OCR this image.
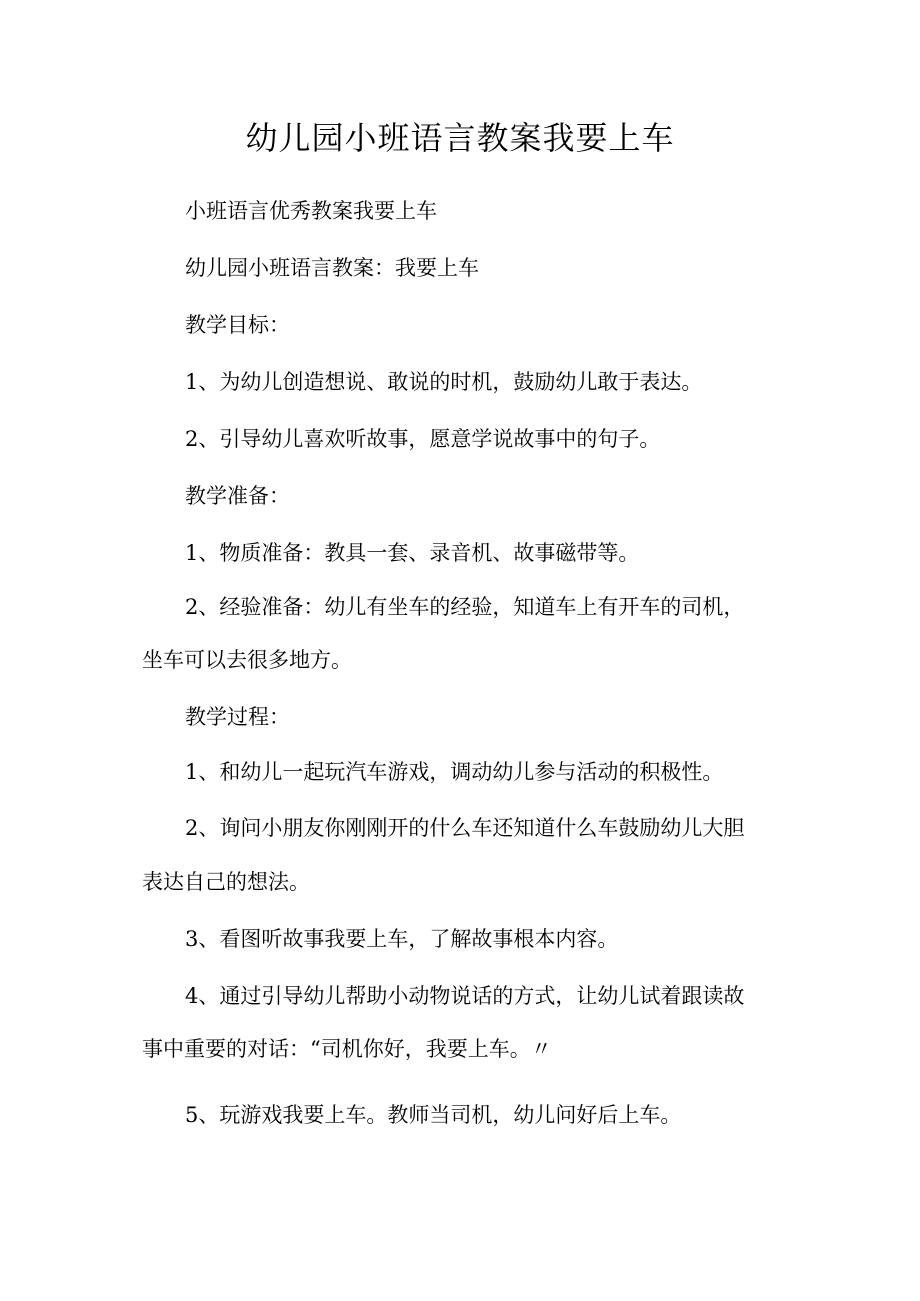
幼儿园小班语言教案我要上车

小班语言优秀教案我要上车

幼儿园小班语言教案：我要上车

教学目标：

1、为幼儿创造想说、敢说的时机，鼓励幼儿敢于表达。

2、引导幼儿喜欢听故事，愿意学说故事中的句子。

教学准备：

1、物质准备：教具一套、录音机、故事磁带等。

2、经验准备：幼儿有坐车的经验，知道车上有开车的司机，

坐车可以去很多地方。

教学过程：

1、和幼儿一起玩汽车游戏，调动幼儿参与活动的积极性。

2、询问小朋友你刚刚开的什么车还知道什么车鼓励幼儿大胆

表达自己的想法。

3、看图听故事我要上车，了解故事根本内容。

4、通过引导幼儿帮助小动物说话的方式，让幼儿试着跟读故

事中重要的对话：“司机你好，我要上车。〃

5、玩游戏我要上车。教师当司机，幼儿问好后上车。
